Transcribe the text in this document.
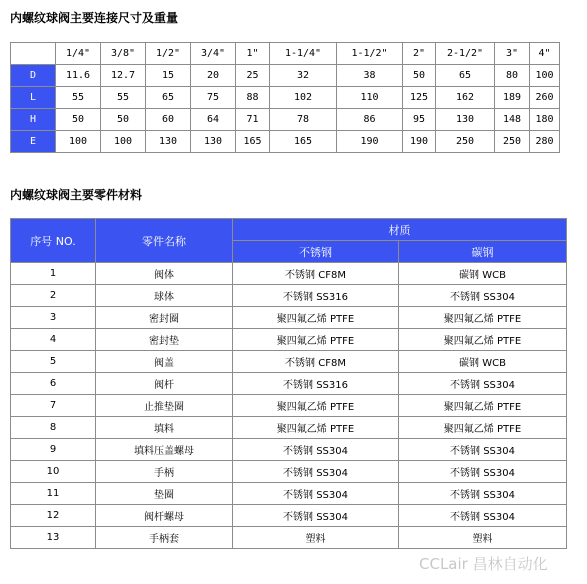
内螺纹球阀主要连接尺寸及重量
SIZE	1/4"	3/8"	1/2"	3/4"	1"	1-1/4"	1-1/2"	2"	2-1/2"	3"	4"
D	11.6	12.7	15	20	25	32	38	50	65	80	100
L	55	55	65	75	88	102	110	125	162	189	260
H	50	50	60	64	71	78	86	95	130	148	180
E	100	100	130	130	165	165	190	190	250	250	280
内螺纹球阀主要零件材料
序号 NO.	零件名称	材质	
		不锈钢	碳钢
1	阀体	不锈钢 CF8M	碳钢 WCB
2	球体	不锈钢 SS316	不锈钢 SS304
3	密封圈	聚四氟乙烯 PTFE	聚四氟乙烯 PTFE
4	密封垫	聚四氟乙烯 PTFE	聚四氟乙烯 PTFE
5	阀盖	不锈钢 CF8M	碳钢 WCB
6	阀杆	不锈钢 SS316	不锈钢 SS304
7	止推垫圈	聚四氟乙烯 PTFE	聚四氟乙烯 PTFE
8	填料	聚四氟乙烯 PTFE	聚四氟乙烯 PTFE
9	填料压盖螺母	不锈钢 SS304	不锈钢 SS304
10	手柄	不锈钢 SS304	不锈钢 SS304
11	垫圈	不锈钢 SS304	不锈钢 SS304
12	阀杆螺母	不锈钢 SS304	不锈钢 SS304
13	手柄套	塑料	塑料
CCLair 昌林自动化
